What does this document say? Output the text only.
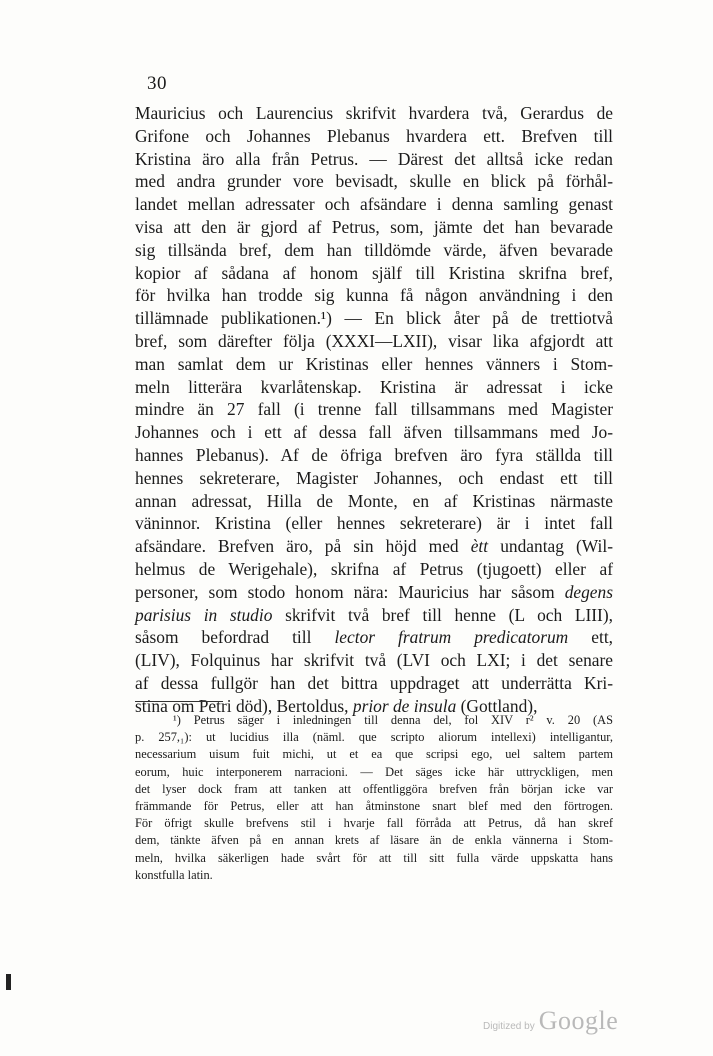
30
Mauricius och Laurencius skrifvit hvardera två, Gerardus de
Grifone och Johannes Plebanus hvardera ett. Brefven till
Kristina äro alla från Petrus. — Därest det alltså icke redan
med andra grunder vore bevisadt, skulle en blick på förhål-
landet mellan adressater och afsändare i denna samling genast
visa att den är gjord af Petrus, som, jämte det han bevarade
sig tillsända bref, dem han tilldömde värde, äfven bevarade
kopior af sådana af honom själf till Kristina skrifna bref,
för hvilka han trodde sig kunna få någon användning i den
tillämnade publikationen.¹) — En blick åter på de trettiotvå
bref, som därefter följa (XXXI—LXII), visar lika afgjordt att
man samlat dem ur Kristinas eller hennes vänners i Stom-
meln litterära kvarlåtenskap. Kristina är adressat i icke
mindre än 27 fall (i trenne fall tillsammans med Magister
Johannes och i ett af dessa fall äfven tillsammans med Jo-
hannes Plebanus). Af de öfriga brefven äro fyra ställda till
hennes sekreterare, Magister Johannes, och endast ett till
annan adressat, Hilla de Monte, en af Kristinas närmaste
väninnor. Kristina (eller hennes sekreterare) är i intet fall
afsändare. Brefven äro, på sin höjd med ètt undantag (Wil-
helmus de Werigehale), skrifna af Petrus (tjugoett) eller af
personer, som stodo honom nära: Mauricius har såsom degens
parisius in studio skrifvit två bref till henne (L och LIII),
såsom befordrad till lector fratrum predicatorum ett,
(LIV), Folquinus har skrifvit två (LVI och LXI; i det senare
af dessa fullgör han det bittra uppdraget att underrätta Kri-
stina om Petri död), Bertoldus, prior de insula (Gottland),
¹) Petrus säger i inledningen till denna del, fol XIV r² v. 20 (AS
p. 257,₁): ut lucidius illa (näml. que scripto aliorum intellexi) intelligantur,
necessarium uisum fuit michi, ut et ea que scripsi ego, uel saltem partem
eorum, huic interponerem narracioni. — Det säges icke här uttryckligen, men
det lyser dock fram att tanken att offentliggöra brefven från början icke var
främmande för Petrus, eller att han åtminstone snart blef med den förtrogen.
För öfrigt skulle brefvens stil i hvarje fall förråda att Petrus, då han skref
dem, tänkte äfven på en annan krets af läsare än de enkla vännerna i Stom-
meln, hvilka säkerligen hade svårt för att till sitt fulla värde uppskatta hans
konstfulla latin.
Digitized by Google
